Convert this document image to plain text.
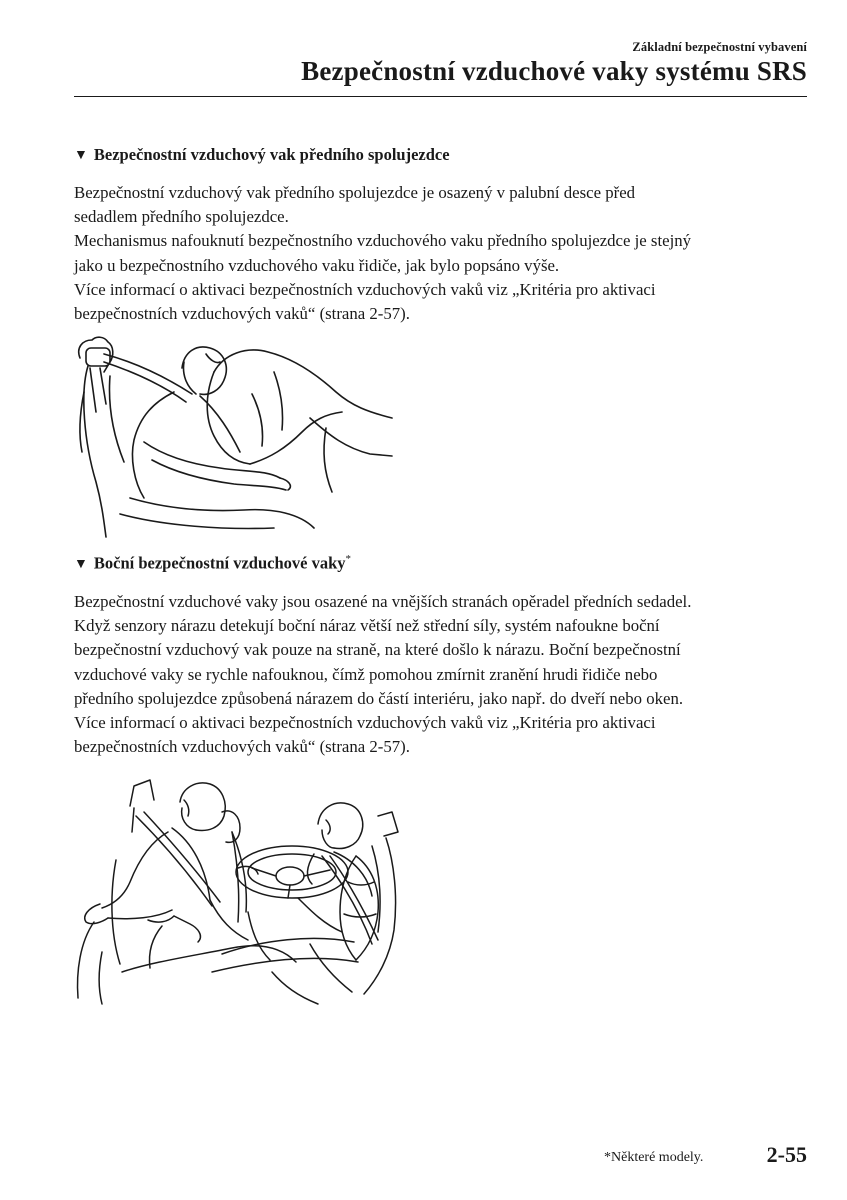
Základní bezpečnostní vybavení
Bezpečnostní vzduchové vaky systému SRS
▼ Bezpečnostní vzduchový vak předního spolujezdce
Bezpečnostní vzduchový vak předního spolujezdce je osazený v palubní desce před
sedadlem předního spolujezdce.
Mechanismus nafouknutí bezpečnostního vzduchového vaku předního spolujezdce je stejný
jako u bezpečnostního vzduchového vaku řidiče, jak bylo popsáno výše.
Více informací o aktivaci bezpečnostních vzduchových vaků viz „Kritéria pro aktivaci
bezpečnostních vzduchových vaků“ (strana 2-57).
▼ Boční bezpečnostní vzduchové vaky*
Bezpečnostní vzduchové vaky jsou osazené na vnějších stranách opěradel předních sedadel.
Když senzory nárazu detekují boční náraz větší než střední síly, systém nafoukne boční
bezpečnostní vzduchový vak pouze na straně, na které došlo k nárazu. Boční bezpečnostní
vzduchové vaky se rychle nafouknou, čímž pomohou zmírnit zranění hrudi řidiče nebo
předního spolujezdce způsobená nárazem do částí interiéru, jako např. do dveří nebo oken.
Více informací o aktivaci bezpečnostních vzduchových vaků viz „Kritéria pro aktivaci
bezpečnostních vzduchových vaků“ (strana 2-57).
*Některé modely.	2-55
